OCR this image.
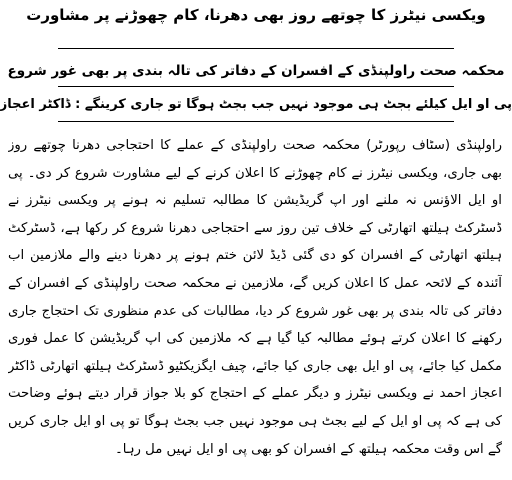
ویکسی نیٹرز کا چوتھے روز بھی دھرنا، کام چھوڑنے پر مشاورت
محکمہ صحت راولپنڈی کے افسران کے دفاتر کی تالہ بندی پر بھی غور شروع
پی او ایل کیلئے بجٹ ہی موجود نہیں جب بجٹ ہوگا تو جاری کرینگے : ڈاکٹر اعجاز
راولپنڈی (سٹاف رپورٹر) محکمہ صحت راولپنڈی کے عملے کا احتجاجی دھرنا چوتھے روز بھی جاری، ویکسی نیٹرز نے کام چھوڑنے کا اعلان کرنے کے لیے مشاورت شروع کر دی۔ پی او ایل الاؤنس نہ ملنے اور اپ گریڈیشن کا مطالبہ تسلیم نہ ہونے پر ویکسی نیٹرز نے ڈسٹرکٹ ہیلتھ اتھارٹی کے خلاف تین روز سے احتجاجی دھرنا شروع کر رکھا ہے، ڈسٹرکٹ ہیلتھ اتھارٹی کے افسران کو دی گئی ڈیڈ لائن ختم ہونے پر دھرنا دینے والے ملازمین اب آئندہ کے لائحہ عمل کا اعلان کریں گے، ملازمین نے محکمہ صحت راولپنڈی کے افسران کے دفاتر کی تالہ بندی پر بھی غور شروع کر دیا، مطالبات کی عدم منظوری تک احتجاج جاری رکھنے کا اعلان کرتے ہوئے مطالبہ کیا گیا ہے کہ ملازمین کی اپ گریڈیشن کا عمل فوری مکمل کیا جائے، پی او ایل بھی جاری کیا جائے، چیف ایگزیکٹیو ڈسٹرکٹ ہیلتھ اتھارٹی ڈاکٹر اعجاز احمد نے ویکسی نیٹرز و دیگر عملے کے احتجاج کو بلا جواز قرار دیتے ہوئے وضاحت کی ہے کہ پی او ایل کے لیے بجٹ ہی موجود نہیں جب بجٹ ہوگا تو پی او ایل جاری کریں گے اس وقت محکمہ ہیلتھ کے افسران کو بھی پی او ایل نہیں مل رہا۔
